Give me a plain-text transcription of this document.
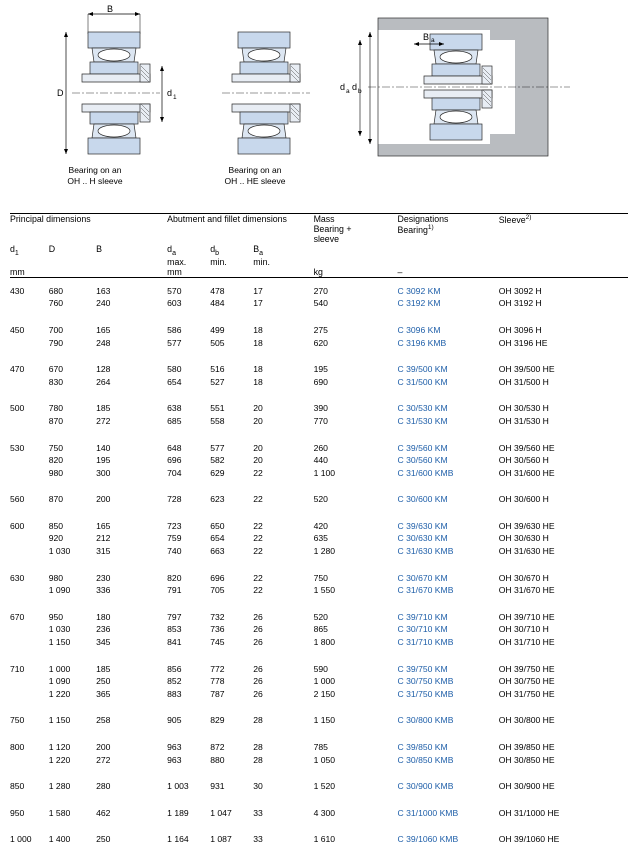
B
D	d 1
Bearing on an
OH .. H sleeve
Bearing on an
OH .. HE sleeve
B a
d a d b
Principal dimensions			Abutment and fillet dimensions			Mass
Bearing +
sleeve	Designations
Bearing$^{1)}$	Sleeve$^{2)}$
$d_1$	D	B	$d_a$
max.	$d_b$
min.	$B_a$
min.			
mm			mm			kg	–	
430	680	163	570	478	17	270	C 3092 KM	OH 3092 H
	760	240	603	484	17	540	C 3192 KM	OH 3192 H
450	700	165	586	499	18	275	C 3096 KM	OH 3096 H
	790	248	577	505	18	620	C 3196 KMB	OH 3196 HE
470	670	128	580	516	18	195	C 39/500 KM	OH 39/500 HE
	830	264	654	527	18	690	C 31/500 KM	OH 31/500 H
500	780	185	638	551	20	390	C 30/530 KM	OH 30/530 H
	870	272	685	558	20	770	C 31/530 KM	OH 31/530 H
530	750	140	648	577	20	260	C 39/560 KM	OH 39/560 HE
	820	195	696	582	20	440	C 30/560 KM	OH 30/560 H
	980	300	704	629	22	1 100	C 31/600 KMB	OH 31/600 HE
560	870	200	728	623	22	520	C 30/600 KM	OH 30/600 H
600	850	165	723	650	22	420	C 39/630 KM	OH 39/630 HE
	920	212	759	654	22	635	C 30/630 KM	OH 30/630 H
	1 030	315	740	663	22	1 280	C 31/630 KMB	OH 31/630 HE
630	980	230	820	696	22	750	C 30/670 KM	OH 30/670 H
	1 090	336	791	705	22	1 550	C 31/670 KMB	OH 31/670 HE
670	950	180	797	732	26	520	C 39/710 KM	OH 39/710 HE
	1 030	236	853	736	26	865	C 30/710 KM	OH 30/710 H
	1 150	345	841	745	26	1 800	C 31/710 KMB	OH 31/710 HE
710	1 000	185	856	772	26	590	C 39/750 KM	OH 39/750 HE
	1 090	250	852	778	26	1 000	C 30/750 KMB	OH 30/750 HE
	1 220	365	883	787	26	2 150	C 31/750 KMB	OH 31/750 HE
750	1 150	258	905	829	28	1 150	C 30/800 KMB	OH 30/800 HE
800	1 120	200	963	872	28	785	C 39/850 KM	OH 39/850 HE
	1 220	272	963	880	28	1 050	C 30/850 KMB	OH 30/850 HE
850	1 280	280	1 003	931	30	1 520	C 30/900 KMB	OH 30/900 HE
950	1 580	462	1 189	1 047	33	4 300	C 31/1000 KMB	OH 31/1000 HE
1 000	1 400	250	1 164	1 087	33	1 610	C 39/1060 KMB	OH 39/1060 HE
